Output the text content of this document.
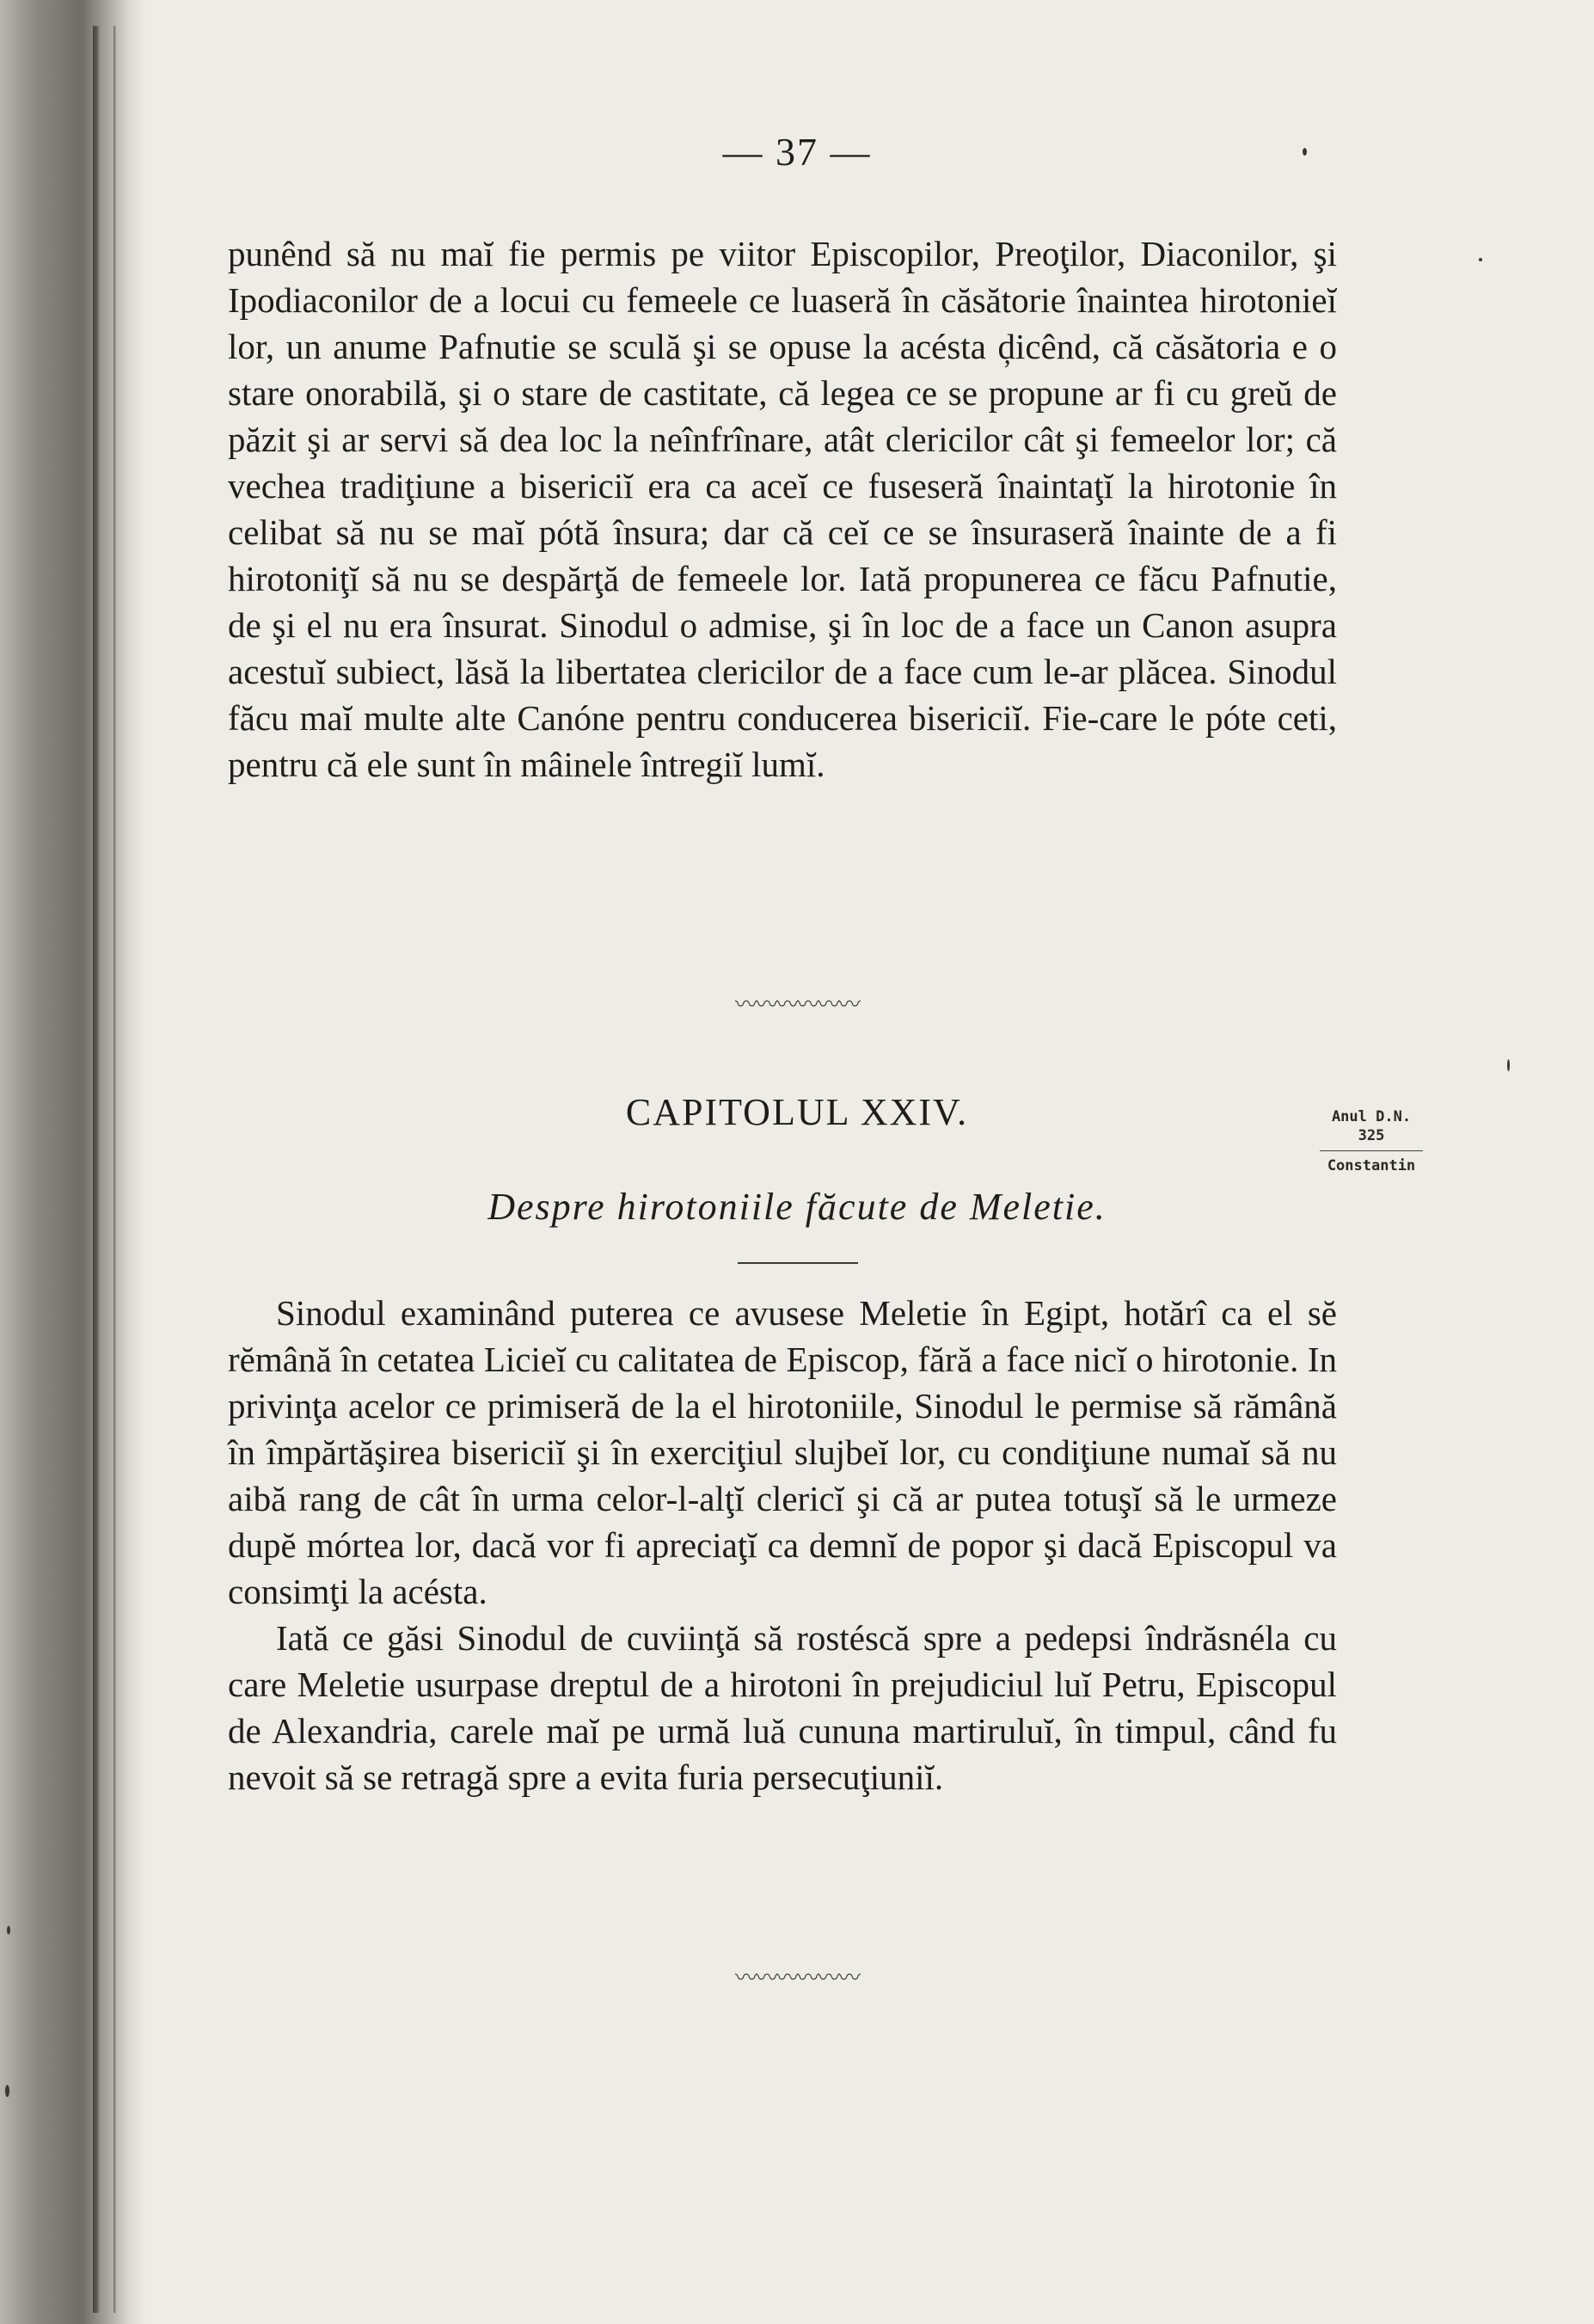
— 37 —

punênd să nu maĭ fie permis pe viitor Episcopilor, Preoţilor, Diaconilor, şi Ipodiaconilor de a locui cu femeele ce luaseră în căsătorie înaintea hirotonieĭ lor, un anume Pafnutie se sculă şi se opuse la acésta ḑicênd, că căsătoria e o stare onorabilă, şi o stare de castitate, că legea ce se propune ar fi cu greŭ de păzit şi ar servi să dea loc la neînfrînare, atât clericilor cât şi femeelor lor; că vechea tradiţiune a bisericiĭ era ca aceĭ ce fuseseră înaintaţĭ la hirotonie în celibat să nu se maĭ pótă însura; dar că ceĭ ce se însuraseră înainte de a fi hirotoniţĭ să nu se despărţă de femeele lor. Iată propunerea ce făcu Pafnutie, de şi el nu era însurat. Sinodul o admise, şi în loc de a face un Canon asupra acestuĭ subiect, lăsă la libertatea clericilor de a face cum le-ar plăcea. Sinodul făcu maĭ multe alte Canóne pentru conducerea bisericiĭ. Fie-care le póte ceti, pentru că ele sunt în mâinele întregiĭ lumĭ.

〰〰〰〰〰〰
CAPITOLUL XXIV.	Anul D.N.
325
Constantin
Despre hirotoniile făcute de Meletie.

Sinodul examinând puterea ce avusese Meletie în Egipt, hotărî ca el sĕ rĕmână în cetatea Licieĭ cu calitatea de Episcop, fără a face nicĭ o hirotonie. In privinţa acelor ce primiseră de la el hirotoniile, Sinodul le permise să rămână în împărtăşirea bisericiĭ şi în exerciţiul slujbeĭ lor, cu condiţiune numaĭ să nu aibă rang de cât în urma celor-l-alţĭ clericĭ şi că ar putea totuşĭ să le urmeze dupĕ mórtea lor, dacă vor fi apreciaţĭ ca demnĭ de popor şi dacă Episcopul va consimţi la acésta.

Iată ce găsi Sinodul de cuviinţă să rostéscă spre a pedepsi îndrăsnéla cu care Meletie usurpase dreptul de a hirotoni în prejudiciul luĭ Petru, Episcopul de Alexandria, carele maĭ pe urmă luă cununa martiruluĭ, în timpul, când fu nevoit să se retragă spre a evita furia persecuţiuniĭ.

〰〰〰〰〰〰
